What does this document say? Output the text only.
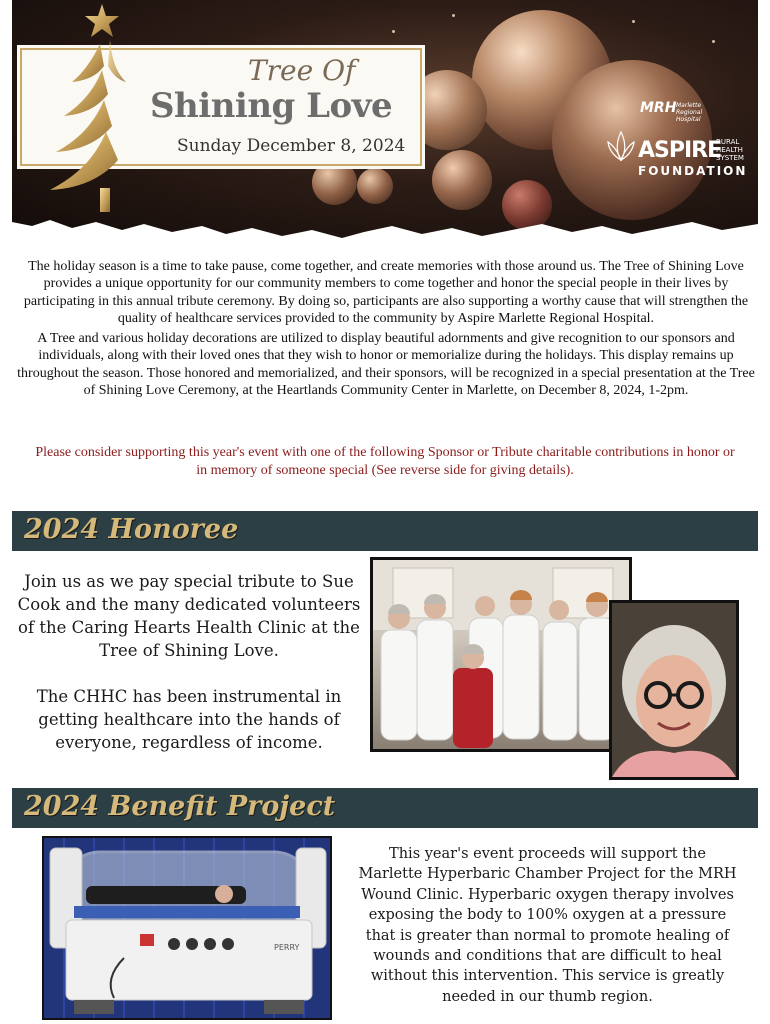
Tree Of
Shining Love
Sunday December 8, 2024
MRH Marlette Regional Hospital
ASPIRE
RURAL HEALTH SYSTEM
FOUNDATION

The holiday season is a time to take pause, come together, and create memories with those around us. The Tree of Shining Love provides a unique opportunity for our community members to come together and honor the special people in their lives by participating in this annual tribute ceremony. By doing so, participants are also supporting a worthy cause that will strengthen the quality of healthcare services provided to the community by Aspire Marlette Regional Hospital.

A Tree and various holiday decorations are utilized to display beautiful adornments and give recognition to our sponsors and individuals, along with their loved ones that they wish to honor or memorialize during the holidays. This display remains up throughout the season. Those honored and memorialized, and their sponsors, will be recognized in a special presentation at the Tree of Shining Love Ceremony, at the Heartlands Community Center in Marlette, on December 8, 2024, 1-2pm.

Please consider supporting this year's event with one of the following Sponsor or Tribute charitable contributions in honor or in memory of someone special (See reverse side for giving details).
2024 Honoree

Join us as we pay special tribute to Sue Cook and the many dedicated volunteers of the Caring Hearts Health Clinic at the Tree of Shining Love.

The CHHC has been instrumental in getting healthcare into the hands of everyone, regardless of income.

2024 Benefit Project
PERRY
This year's event proceeds will support the Marlette Hyperbaric Chamber Project for the MRH Wound Clinic. Hyperbaric oxygen therapy involves exposing the body to 100% oxygen at a pressure that is greater than normal to promote healing of wounds and conditions that are difficult to heal without this intervention. This service is greatly needed in our thumb region.
